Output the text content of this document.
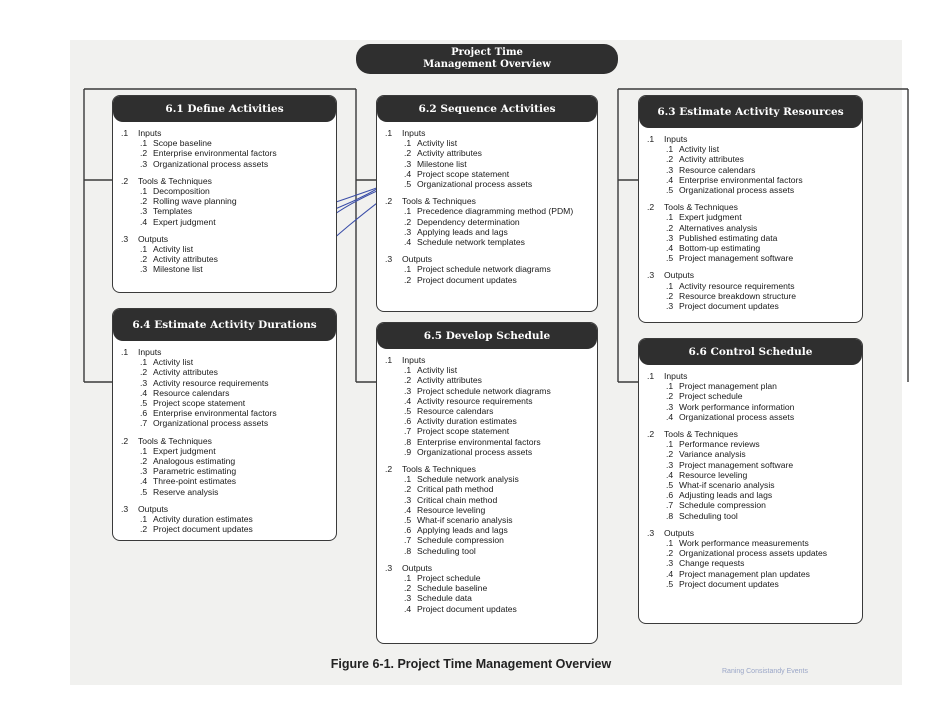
Project Time
Management Overview
6.1 Define Activities
.1	Inputs
.1 Scope baseline
.2 Enterprise environmental factors
.3 Organizational process assets
.2	Tools & Techniques
.1 Decomposition
.2 Rolling wave planning
.3 Templates
.4 Expert judgment
.3	Outputs
.1 Activity list
.2 Activity attributes
.3 Milestone list
6.2 Sequence Activities
.1	Inputs
.1 Activity list
.2 Activity attributes
.3 Milestone list
.4 Project scope statement
.5 Organizational process assets
.2	Tools & Techniques
.1 Precedence diagramming method (PDM)
.2 Dependency determination
.3 Applying leads and lags
.4 Schedule network templates
.3	Outputs
.1 Project schedule network diagrams
.2 Project document updates
6.3 Estimate Activity Resources
.1	Inputs
.1 Activity list
.2 Activity attributes
.3 Resource calendars
.4 Enterprise environmental factors
.5 Organizational process assets
.2	Tools & Techniques
.1 Expert judgment
.2 Alternatives analysis
.3 Published estimating data
.4 Bottom-up estimating
.5 Project management software
.3	Outputs
.1 Activity resource requirements
.2 Resource breakdown structure
.3 Project document updates
6.4 Estimate Activity Durations
.1	Inputs
.1 Activity list
.2 Activity attributes
.3 Activity resource requirements
.4 Resource calendars
.5 Project scope statement
.6 Enterprise environmental factors
.7 Organizational process assets
.2	Tools & Techniques
.1 Expert judgment
.2 Analogous estimating
.3 Parametric estimating
.4 Three-point estimates
.5 Reserve analysis
.3	Outputs
.1 Activity duration estimates
.2 Project document updates
6.5 Develop Schedule
.1	Inputs
.1 Activity list
.2 Activity attributes
.3 Project schedule network diagrams
.4 Activity resource requirements
.5 Resource calendars
.6 Activity duration estimates
.7 Project scope statement
.8 Enterprise environmental factors
.9 Organizational process assets
.2	Tools & Techniques
.1 Schedule network analysis
.2 Critical path method
.3 Critical chain method
.4 Resource leveling
.5 What-if scenario analysis
.6 Applying leads and lags
.7 Schedule compression
.8 Scheduling tool
.3	Outputs
.1 Project schedule
.2 Schedule baseline
.3 Schedule data
.4 Project document updates
6.6 Control Schedule
.1	Inputs
.1 Project management plan
.2 Project schedule
.3 Work performance information
.4 Organizational process assets
.2	Tools & Techniques
.1 Performance reviews
.2 Variance analysis
.3 Project management software
.4 Resource leveling
.5 What-if scenario analysis
.6 Adjusting leads and lags
.7 Schedule compression
.8 Scheduling tool
.3	Outputs
.1 Work performance measurements
.2 Organizational process assets updates
.3 Change requests
.4 Project management plan updates
.5 Project document updates
Figure 6-1. Project Time Management Overview
Raning Consistandy Events
